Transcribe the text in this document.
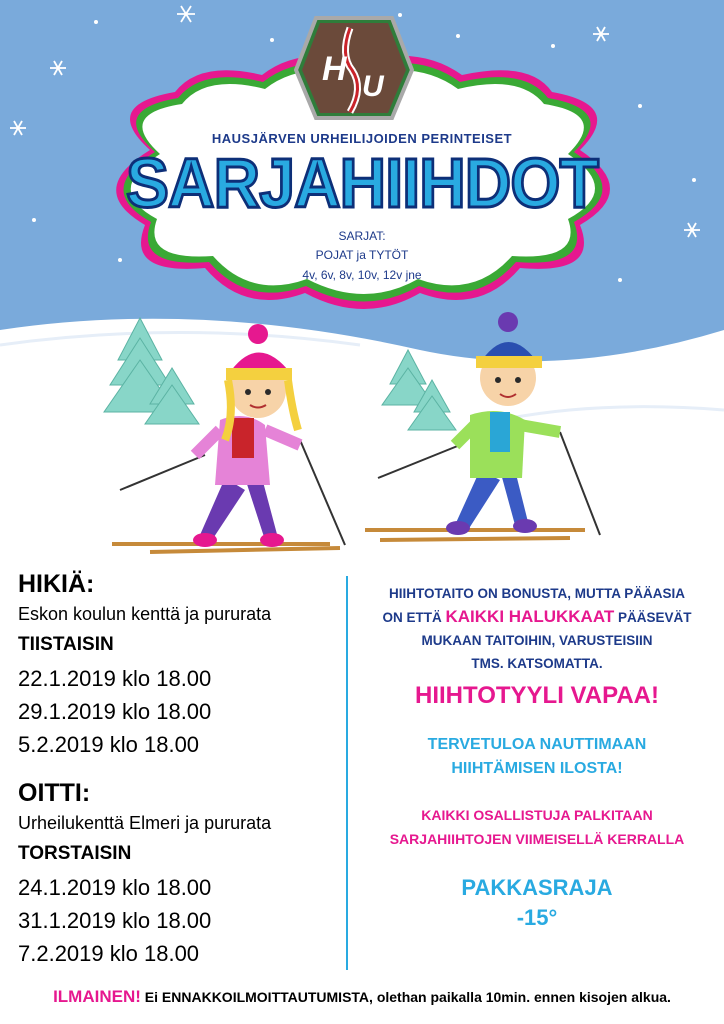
H U
HAUSJÄRVEN URHEILIJOIDEN PERINTEISET
SARJAHIIHDOT
SARJAT:
POJAT ja TYTÖT
4v, 6v, 8v, 10v, 12v jne
HIKIÄ:
Eskon koulun kenttä ja pururata
TIISTAISIN
22.1.2019 klo 18.00
29.1.2019 klo 18.00
5.2.2019 klo 18.00
OITTI:
Urheilukenttä Elmeri ja pururata
TORSTAISIN
24.1.2019 klo 18.00
31.1.2019 klo 18.00
7.2.2019 klo 18.00
HIIHTOTAITO ON BONUSTA, MUTTA PÄÄASIA
ON ETTÄ KAIKKI HALUKKAAT PÄÄSEVÄT
MUKAAN TAITOIHIN, VARUSTEISIIN
TMS. KATSOMATTA.
HIIHTOTYYLI VAPAA!
TERVETULOA NAUTTIMAAN
HIIHTÄMISEN ILOSTA!
KAIKKI OSALLISTUJA PALKITAAN
SARJAHIIHTOJEN VIIMEISELLÄ KERRALLA
PAKKASRAJA
-15°
ILMAINEN! Ei ENNAKKOILMOITTAUTUMISTA, olethan paikalla 10min. ennen kisojen alkua.
